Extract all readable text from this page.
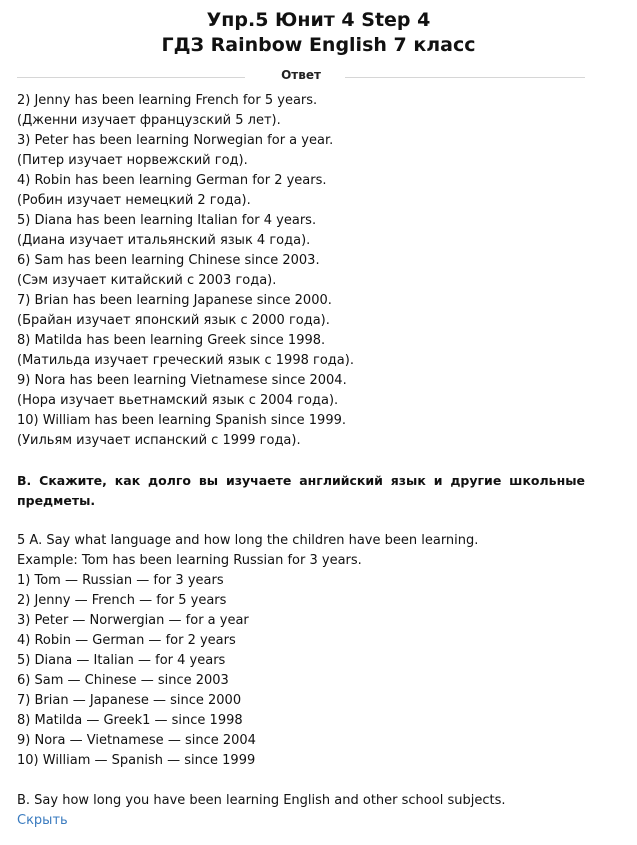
Упр.5 Юнит 4 Step 4
ГДЗ Rainbow English 7 класс
Ответ

2) Jenny has been learning French for 5 years.

(Дженни изучает французский 5 лет).

3) Peter has been learning Norwegian for a year.

(Питер изучает норвежский год).

4) Robin has been learning German for 2 years.

(Робин изучает немецкий 2 года).

5) Diana has been learning Italian for 4 years.

(Диана изучает итальянский язык 4 года).

6) Sam has been learning Chinese since 2003.

(Сэм изучает китайский с 2003 года).

7) Brian has been learning Japanese since 2000.

(Брайан изучает японский язык с 2000 года).

8) Matilda has been learning Greek since 1998.

(Матильда изучает греческий язык с 1998 года).

9) Nora has been learning Vietnamese since 2004.

(Нора изучает вьетнамский язык с 2004 года).

10) William has been learning Spanish since 1999.

(Уильям изучает испанский с 1999 года).

В. Скажите, как долго вы изучаете английский язык и другие школьные предметы.

5 A. Say what language and how long the children have been learning.

Example: Tom has been learning Russian for 3 years.

1) Tom — Russian — for 3 years

2) Jenny — French — for 5 years

3) Peter — Norwergian — for a year

4) Robin — German — for 2 years

5) Diana — Italian — for 4 years

6) Sam — Chinese — since 2003

7) Brian — Japanese — since 2000

8) Matilda — Greek1 — since 1998

9) Nora — Vietnamese — since 2004

10) William — Spanish — since 1999

B. Say how long you have been learning English and other school subjects.

Скрыть
